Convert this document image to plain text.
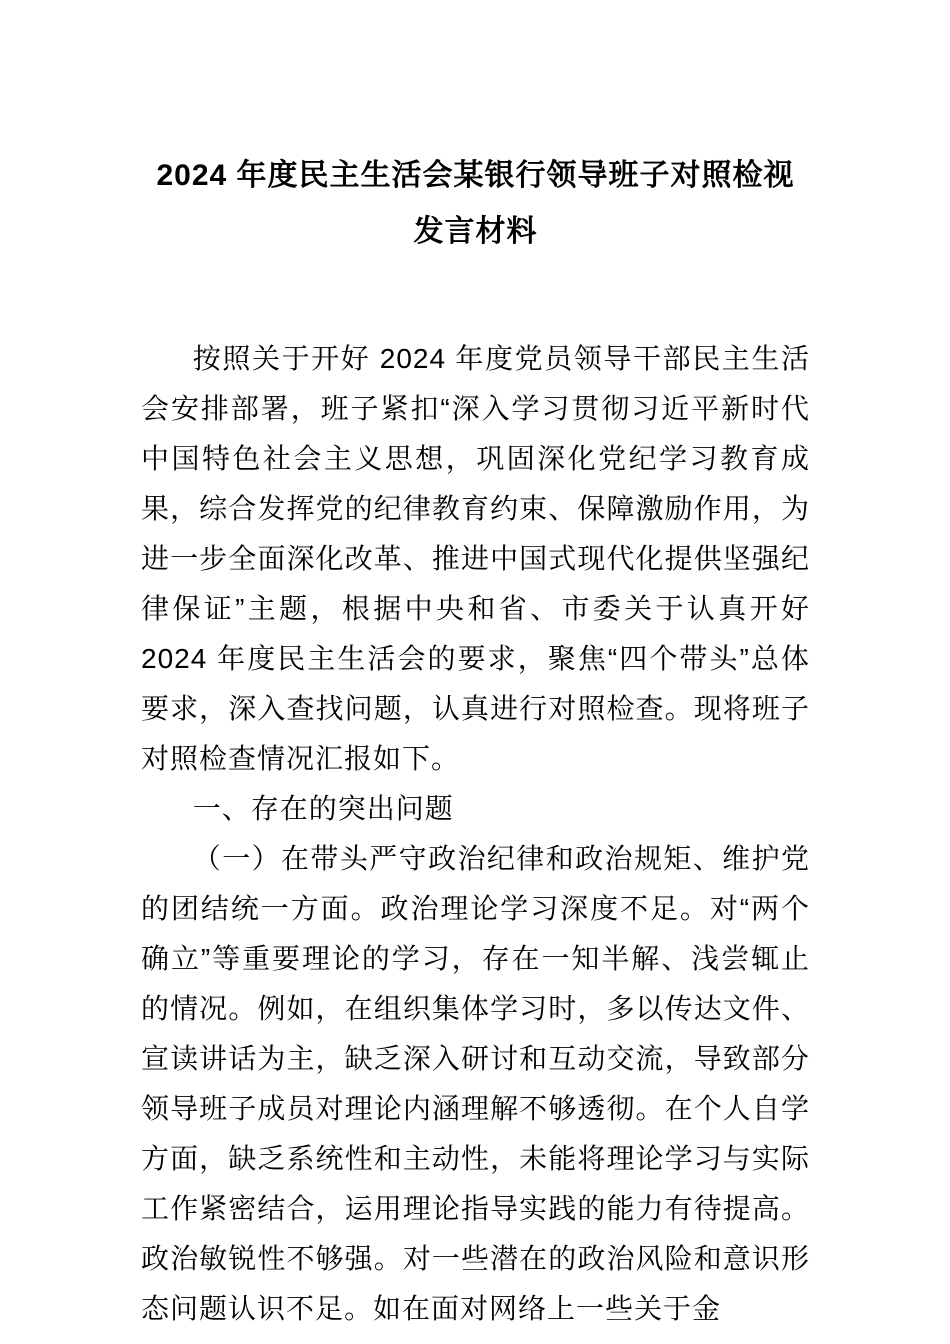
2024 年度民主生活会某银行领导班子对照检视发言材料

按照关于开好 2024 年度党员领导干部民主生活会安排部署，班子紧扣“深入学习贯彻习近平新时代中国特色社会主义思想，巩固深化党纪学习教育成果，综合发挥党的纪律教育约束、保障激励作用，为进一步全面深化改革、推进中国式现代化提供坚强纪律保证”主题，根据中央和省、市委关于认真开好 2024 年度民主生活会的要求，聚焦“四个带头”总体要求，深入查找问题，认真进行对照检查。现将班子对照检查情况汇报如下。

一、存在的突出问题

（一）在带头严守政治纪律和政治规矩、维护党的团结统一方面。政治理论学习深度不足。对“两个确立”等重要理论的学习，存在一知半解、浅尝辄止的情况。例如，在组织集体学习时，多以传达文件、宣读讲话为主，缺乏深入研讨和互动交流，导致部分领导班子成员对理论内涵理解不够透彻。在个人自学方面，缺乏系统性和主动性，未能将理论学习与实际工作紧密结合，运用理论指导实践的能力有待提高。政治敏锐性不够强。对一些潜在的政治风险和意识形态问题认识不足。如在面对网络上一些关于金
